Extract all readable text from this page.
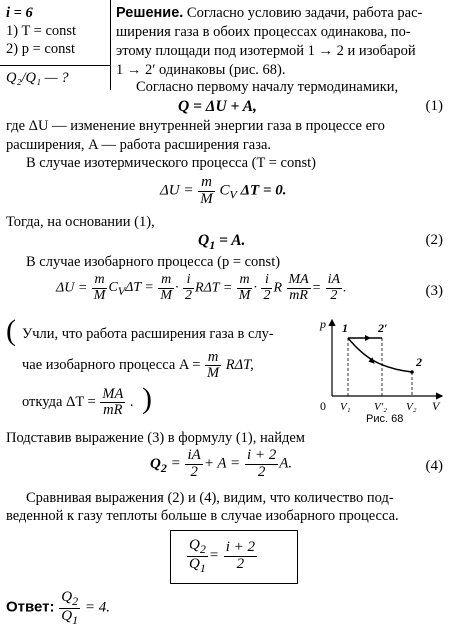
i = 6
1) T = const
2) p = const
Q₂/Q₁ — ?
Решение. Согласно условию задачи, работа рас-
ширения газа в обоих процессах одинакова, по-
этому площади под изотермой 1 → 2 и изобарой
1 → 2′ одинаковы (рис. 68).
Согласно первому началу термодинамики,
Q = ΔU + A,	(1)
где ΔU — изменение внутренней энергии газа в процессе его
расширения, A — работа расширения газа.
В случае изотермического процесса (T = const)
$\Delta U = \frac{m}{M} C_V$ ΔT = 0.
Тогда, на основании (1),
$Q_1 = A$.	(2)
В случае изобарного процесса (p = const)
$\Delta U = \frac{m}{M} C_V\Delta T = \frac{m}{M} \cdot \frac{i}{2}$ $R\Delta T = \frac{m}{M} \cdot \frac{i}{2}$ R $\frac{MA}{mR} = \frac{iA}{2}$ .	(3)
( Учли, что работа расширения газа в слу-
чае изобарного процесса $A = \frac{m}{M} R\Delta T$,
откуда $\Delta T = \frac{MA}{mR}$ . )
p
V
0
1	2′
2
V₁ V′₂ V₂
Рис. 68
Подставив выражение (3) в формулу (1), найдем
$Q_2 = \frac{iA}{2} + A = \frac{i + 2}{2} A$.	(4)
Сравнивая выражения (2) и (4), видим, что количество под-
веденной к газу теплоты больше в случае изобарного процесса.
$\frac{Q_2}{Q_1} = \frac{i + 2}{2}$
Ответ: $\frac{Q_2}{Q_1} = 4$.
